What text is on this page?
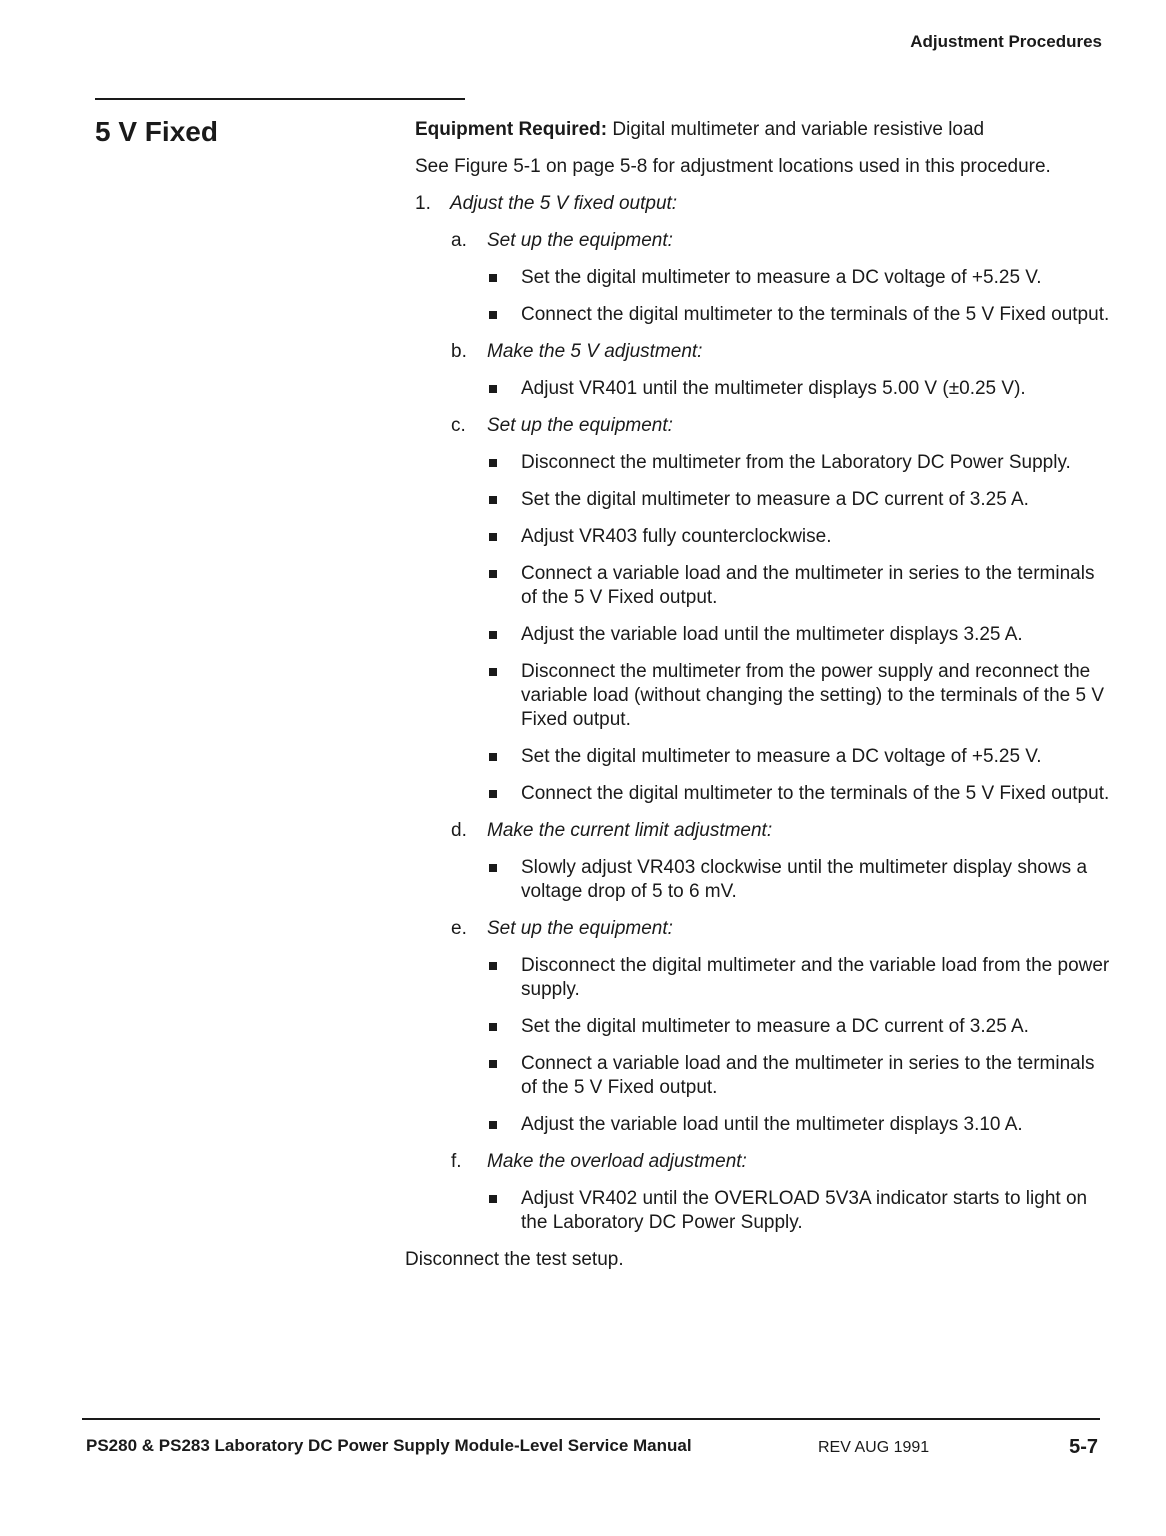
Adjustment Procedures
5 V Fixed	Equipment Required: Digital multimeter and variable resistive load

See Figure 5-1 on page 5-8 for adjustment locations used in this procedure.

1.	Adjust the 5 V fixed output:
a.	Set up the equipment:
Set the digital multimeter to measure a DC voltage of +5.25 V.
Connect the digital multimeter to the terminals of the 5 V Fixed output.
b.	Make the 5 V adjustment:
Adjust VR401 until the multimeter displays 5.00 V (±0.25 V).
c.	Set up the equipment:
Disconnect the multimeter from the Laboratory DC Power Supply.
Set the digital multimeter to measure a DC current of 3.25 A.
Adjust VR403 fully counterclockwise.
Connect a variable load and the multimeter in series to the terminals of the 5 V Fixed output.
Adjust the variable load until the multimeter displays 3.25 A.
Disconnect the multimeter from the power supply and reconnect the variable load (without changing the setting) to the terminals of the 5 V Fixed output.
Set the digital multimeter to measure a DC voltage of +5.25 V.
Connect the digital multimeter to the terminals of the 5 V Fixed output.
d.	Make the current limit adjustment:
Slowly adjust VR403 clockwise until the multimeter display shows a voltage drop of 5 to 6 mV.
e.	Set up the equipment:
Disconnect the digital multimeter and the variable load from the power supply.
Set the digital multimeter to measure a DC current of 3.25 A.
Connect a variable load and the multimeter in series to the terminals of the 5 V Fixed output.
Adjust the variable load until the multimeter displays 3.10 A.
f.	Make the overload adjustment:
Adjust VR402 until the OVERLOAD 5V3A indicator starts to light on the Laboratory DC Power Supply.

Disconnect the test setup.

PS280 & PS283 Laboratory DC Power Supply Module-Level Service Manual	REV AUG 1991	5-7
